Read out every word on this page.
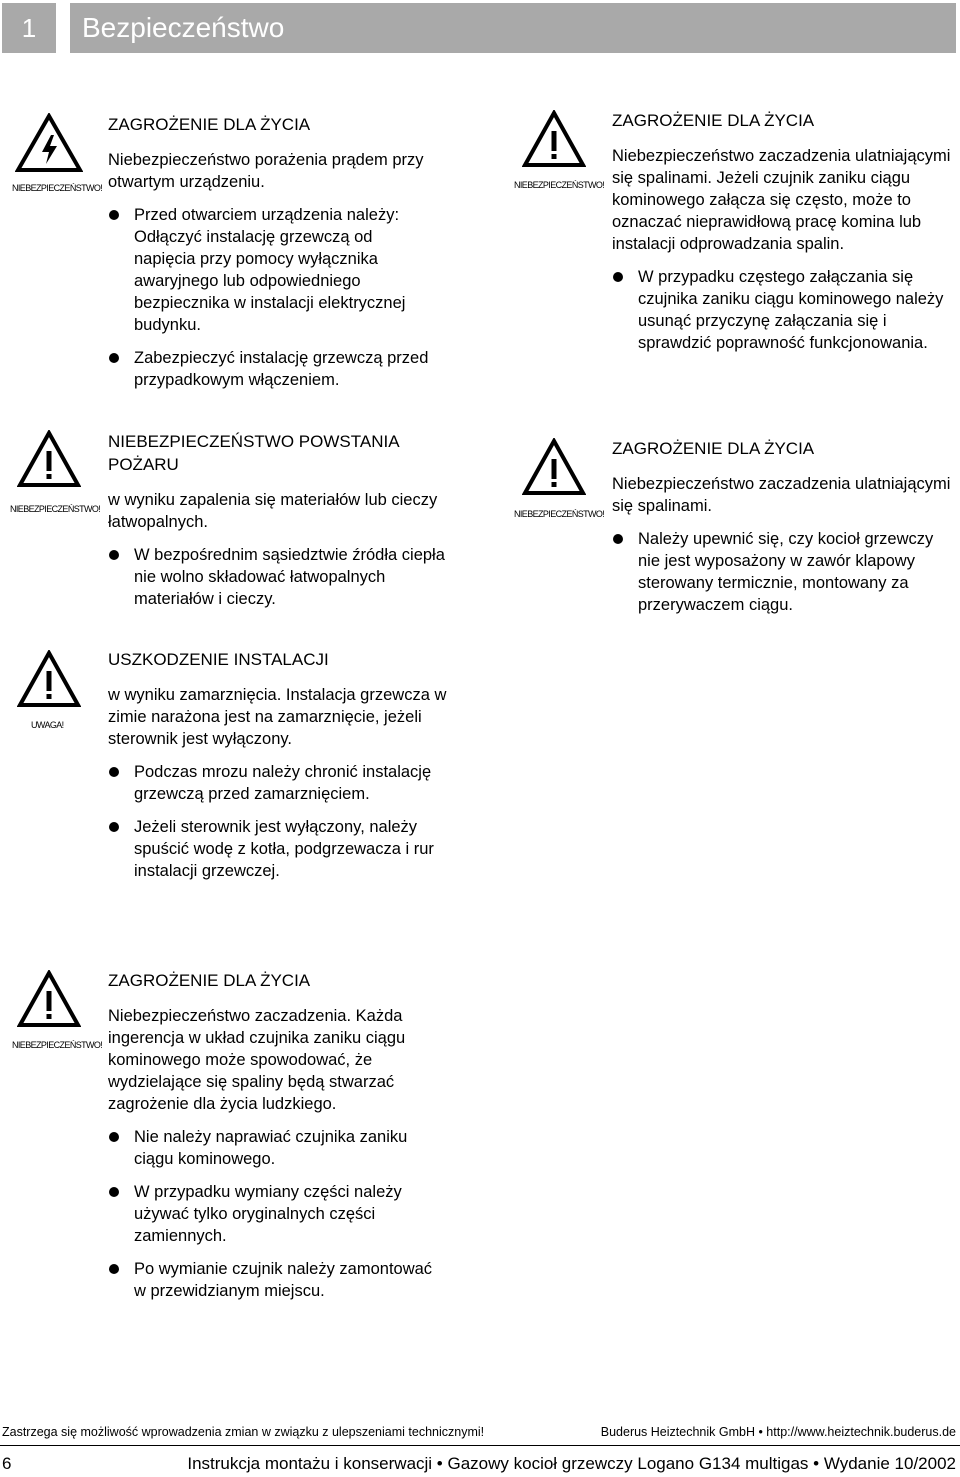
1	Bezpieczeństwo
NIEBEZPIECZEŃSTWO!
ZAGROŻENIE DLA ŻYCIA
Niebezpieczeństwo porażenia prądem przy otwartym urządzeniu.
Przed otwarciem urządzenia należy: Odłączyć instalację grzewczą od napięcia przy pomocy wyłącznika awaryjnego lub odpowiedniego bezpiecznika w instalacji elektrycznej budynku.
Zabezpieczyć instalację grzewczą przed przypadkowym włączeniem.
NIEBEZPIECZEŃSTWO!
NIEBEZPIECZEŃSTWO POWSTANIA POŻARU
w wyniku zapalenia się materiałów lub cieczy łatwopalnych.
W bezpośrednim sąsiedztwie źródła ciepła nie wolno składować łatwopalnych materiałów i cieczy.
UWAGA!
USZKODZENIE INSTALACJI
w wyniku zamarznięcia. Instalacja grzewcza w zimie narażona jest na zamarznięcie, jeżeli sterownik jest wyłączony.
Podczas mrozu należy chronić instalację grzewczą przed zamarznięciem.
Jeżeli sterownik jest wyłączony, należy spuścić wodę z kotła, podgrzewacza i rur instalacji grzewczej.
NIEBEZPIECZEŃSTWO!
ZAGROŻENIE DLA ŻYCIA
Niebezpieczeństwo zaczadzenia. Każda ingerencja w układ czujnika zaniku ciągu kominowego może spowodować, że wydzielające się spaliny będą stwarzać zagrożenie dla życia ludzkiego.
Nie należy naprawiać czujnika zaniku ciągu kominowego.
W przypadku wymiany części należy używać tylko oryginalnych części zamiennych.
Po wymianie czujnik należy zamontować w przewidzianym miejscu.
NIEBEZPIECZEŃSTWO!
ZAGROŻENIE DLA ŻYCIA
Niebezpieczeństwo zaczadzenia ulatniającymi się spalinami. Jeżeli czujnik zaniku ciągu kominowego załącza się często, może to oznaczać nieprawidłową pracę komina lub instalacji odprowadzania spalin.
W przypadku częstego załączania się czujnika zaniku ciągu kominowego należy usunąć przyczynę załączania się i sprawdzić poprawność funkcjonowania.
NIEBEZPIECZEŃSTWO!
ZAGROŻENIE DLA ŻYCIA
Niebezpieczeństwo zaczadzenia ulatniającymi się spalinami.
Należy upewnić się, czy kocioł grzewczy nie jest wyposażony w zawór klapowy sterowany termicznie, montowany za przerywaczem ciągu.
Zastrzega się możliwość wprowadzenia zmian w związku z ulepszeniami technicznymi!	Buderus Heiztechnik GmbH • http://www.heiztechnik.buderus.de
6	Instrukcja montażu i konserwacji • Gazowy kocioł grzewczy Logano G134 multigas • Wydanie 10/2002
